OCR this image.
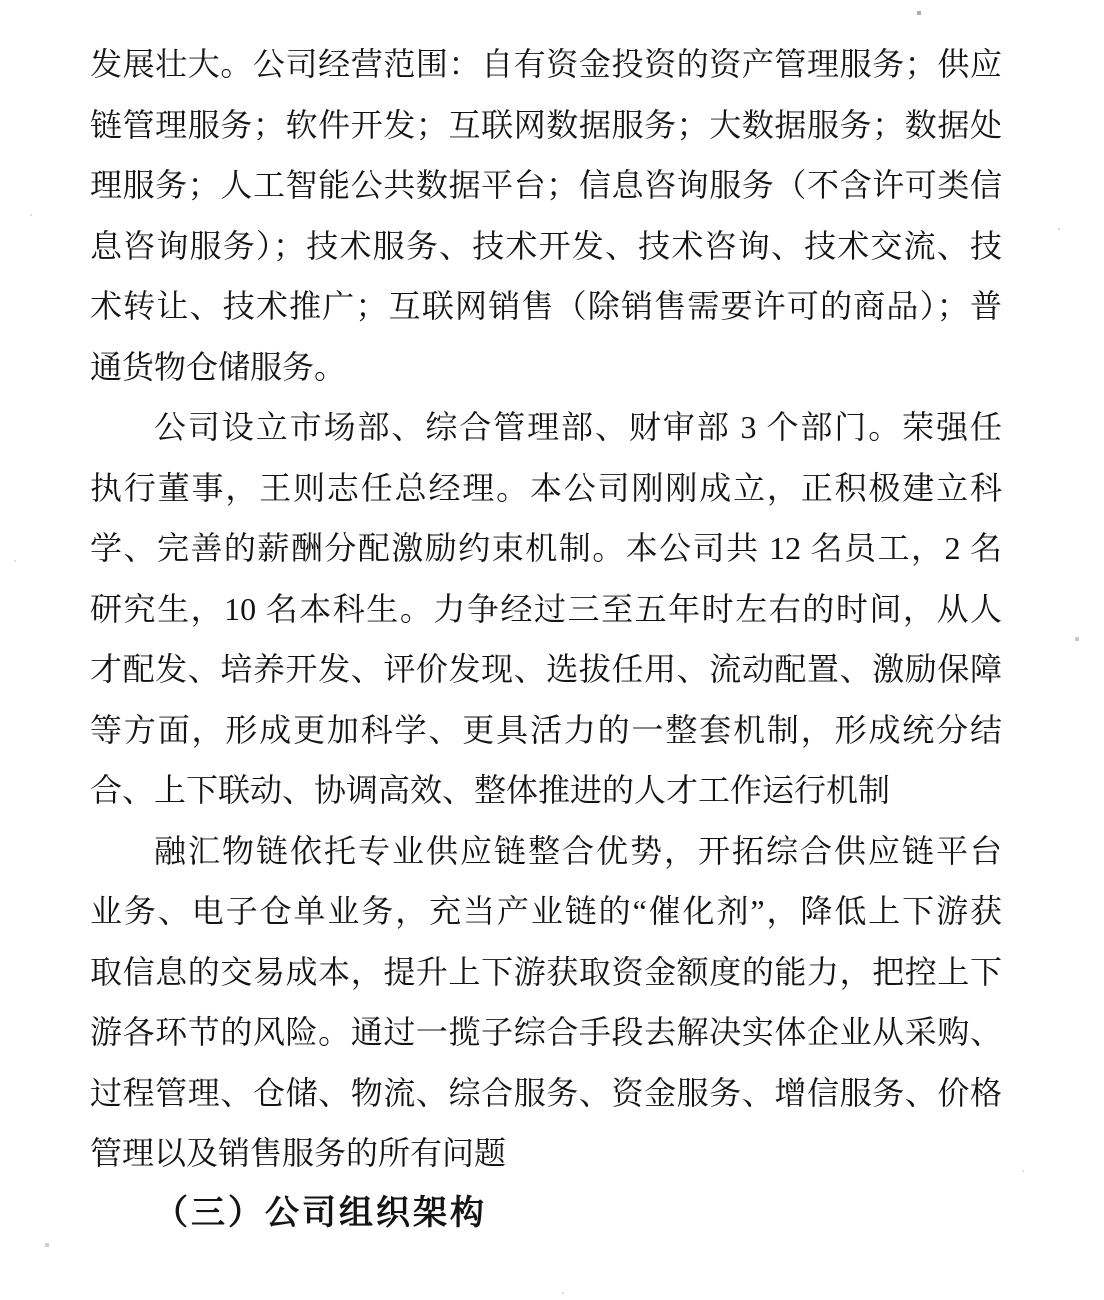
发展壮大。公司经营范围：自有资金投资的资产管理服务；供应
链管理服务；软件开发；互联网数据服务；大数据服务；数据处
理服务；人工智能公共数据平台；信息咨询服务（不含许可类信
息咨询服务）；技术服务、技术开发、技术咨询、技术交流、技
术转让、技术推广；互联网销售（除销售需要许可的商品）；普
通货物仓储服务。
公司设立市场部、综合管理部、财审部 3 个部门。荣强任
执行董事，王则志任总经理。本公司刚刚成立，正积极建立科
学、完善的薪酬分配激励约束机制。本公司共 12 名员工，2 名
研究生，10 名本科生。力争经过三至五年时左右的时间，从人
才配发、培养开发、评价发现、选拔任用、流动配置、激励保障
等方面，形成更加科学、更具活力的一整套机制，形成统分结
合、上下联动、协调高效、整体推进的人才工作运行机制
融汇物链依托专业供应链整合优势，开拓综合供应链平台
业务、电子仓单业务，充当产业链的“催化剂”，降低上下游获
取信息的交易成本，提升上下游获取资金额度的能力，把控上下
游各环节的风险。通过一揽子综合手段去解决实体企业从采购、
过程管理、仓储、物流、综合服务、资金服务、增信服务、价格
管理以及销售服务的所有问题
（三）公司组织架构
